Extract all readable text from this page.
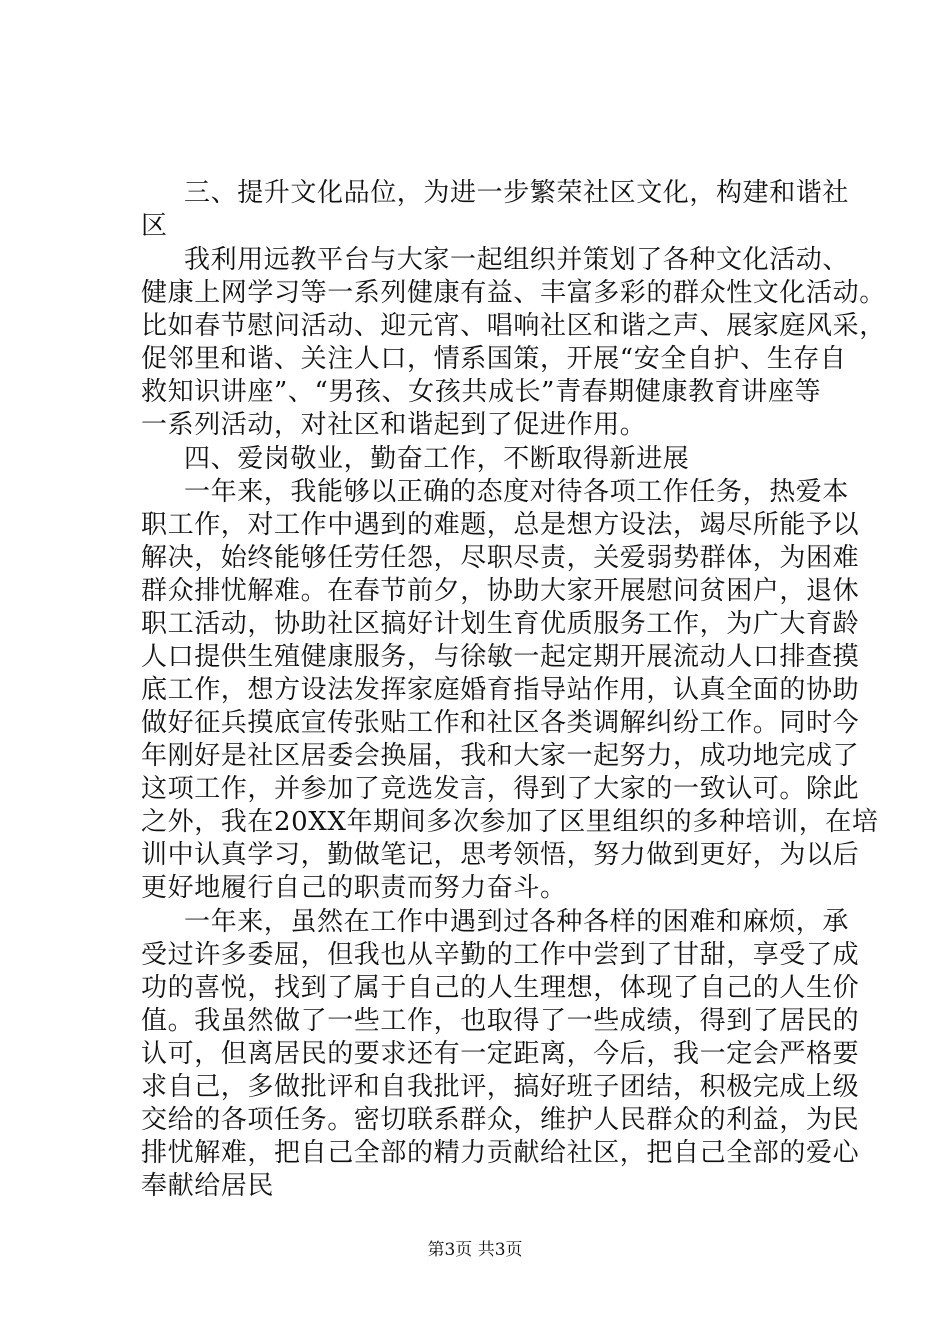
三、提升文化品位，为进一步繁荣社区文化，构建和谐社
区
我利用远教平台与大家一起组织并策划了各种文化活动、
健康上网学习等一系列健康有益、丰富多彩的群众性文化活动。
比如春节慰问活动、迎元宵、唱响社区和谐之声、展家庭风采，
促邻里和谐、关注人口，情系国策，开展“安全自护、生存自
救知识讲座”、“男孩、女孩共成长”青春期健康教育讲座等
一系列活动，对社区和谐起到了促进作用。
四、爱岗敬业，勤奋工作，不断取得新进展
一年来，我能够以正确的态度对待各项工作任务，热爱本
职工作，对工作中遇到的难题，总是想方设法，竭尽所能予以
解决，始终能够任劳任怨，尽职尽责，关爱弱势群体，为困难
群众排忧解难。在春节前夕，协助大家开展慰问贫困户，退休
职工活动，协助社区搞好计划生育优质服务工作，为广大育龄
人口提供生殖健康服务，与徐敏一起定期开展流动人口排查摸
底工作，想方设法发挥家庭婚育指导站作用，认真全面的协助
做好征兵摸底宣传张贴工作和社区各类调解纠纷工作。同时今
年刚好是社区居委会换届，我和大家一起努力，成功地完成了
这项工作，并参加了竞选发言，得到了大家的一致认可。除此
之外，我在20XX年期间多次参加了区里组织的多种培训，在培
训中认真学习，勤做笔记，思考领悟，努力做到更好，为以后
更好地履行自己的职责而努力奋斗。
一年来，虽然在工作中遇到过各种各样的困难和麻烦，承
受过许多委屈，但我也从辛勤的工作中尝到了甘甜，享受了成
功的喜悦，找到了属于自己的人生理想，体现了自己的人生价
值。我虽然做了一些工作，也取得了一些成绩，得到了居民的
认可，但离居民的要求还有一定距离，今后，我一定会严格要
求自己，多做批评和自我批评，搞好班子团结，积极完成上级
交给的各项任务。密切联系群众，维护人民群众的利益，为民
排忧解难，把自己全部的精力贡献给社区，把自己全部的爱心
奉献给居民
第3页 共3页
